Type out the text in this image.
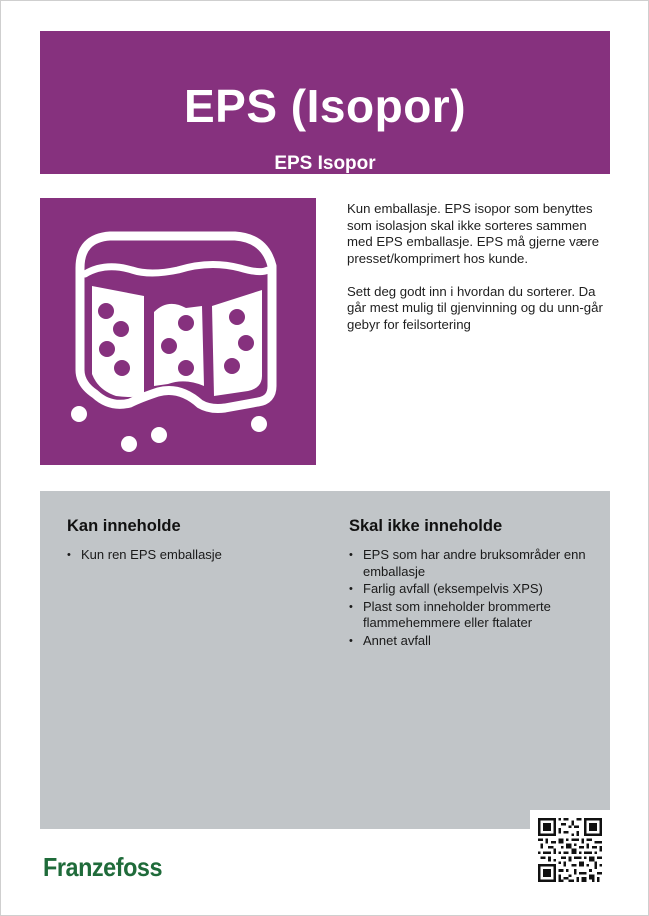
EPS (Isopor)
EPS Isopor

Kun emballasje. EPS isopor som benyttes som isolasjon skal ikke sorteres sammen med EPS emballasje. EPS må gjerne være presset/komprimert hos kunde.

Sett deg godt inn i hvordan du sorterer. Da går mest mulig til gjenvinning og du unn-går gebyr for feilsortering

Kan inneholde
• Kun ren EPS emballasje
Skal ikke inneholde
• EPS som har andre bruksområder enn emballasje
• Farlig avfall (eksempelvis XPS)
• Plast som inneholder brommerte flammehemmere eller ftalater
• Annet avfall
Franzefoss
